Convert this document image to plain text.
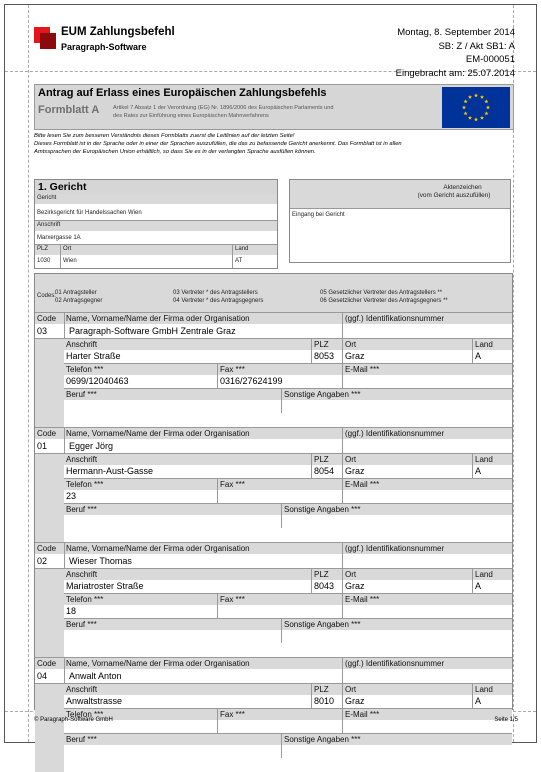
EUM Zahlungsbefehl
Paragraph-Software
Montag, 8. September 2014
SB: Z / Akt SB1: A
EM-000051
Eingebracht am: 25.07.2014
Antrag auf Erlass eines Europäischen Zahlungsbefehls
Formblatt A Artikel 7 Absatz 1 der Verordnung (EG) Nr. 1896/2006 des Europäischen Parlaments und
des Rates zur Einführung eines Europäischen Mahnverfahrens
Bitte lesen Sie zum besseren Verständnis dieses Formblatts zuerst die Leitlinien auf der letzten Seite!
Dieses Formblatt ist in der Sprache oder in einer der Sprachen auszufüllen, die das zu befassende Gericht anerkennt. Das Formblatt ist in allen
Amtssprachen der Europäischen Union erhältlich, so dass Sie es in der verlangten Sprache ausfüllen können.
1. Gericht
Gericht
Bezirksgericht für Handelssachen Wien
Anschrift
Marxergasse 1A
PLZ Ort	Land
1030 Wien	AT
Aktenzeichen
(vom Gericht auszufüllen)
Eingang bei Gericht
Codes:
01 Antragsteller
02 Antragsgegner
03 Vertreter * des Antragstellers
04 Vertreter * des Antragsgegners
05 Gesetzlicher Vertreter des Antragstellers **
06 Gesetzlicher Vertreter des Antragsgegners **
Code Name, Vorname/Name der Firma oder Organisation	(ggf.) Identifikationsnummer
03 Paragraph-Software GmbH Zentrale Graz
Anschrift	PLZ Ort	Land
Harter Straße	8053 Graz	A
Telefon ***	Fax ***	E-Mail ***
0699/12040463	0316/27624199
Beruf ***	Sonstige Angaben ***
Code Name, Vorname/Name der Firma oder Organisation	(ggf.) Identifikationsnummer
01 Egger Jörg
Anschrift	PLZ Ort	Land
Hermann-Aust-Gasse	8054 Graz	A
Telefon ***	Fax ***	E-Mail ***
23
Beruf ***	Sonstige Angaben ***
Code Name, Vorname/Name der Firma oder Organisation	(ggf.) Identifikationsnummer
02 Wieser Thomas
Anschrift	PLZ Ort	Land
Mariatroster Straße	8043 Graz	A
Telefon ***	Fax ***	E-Mail ***
18
Beruf ***	Sonstige Angaben ***
Code Name, Vorname/Name der Firma oder Organisation	(ggf.) Identifikationsnummer
04 Anwalt Anton
Anschrift	PLZ Ort	Land
Anwaltstrasse	8010 Graz	A
Telefon ***	Fax ***	E-Mail ***
Beruf ***	Sonstige Angaben ***
© Paragraph-Software GmbH	Seite 1/5
